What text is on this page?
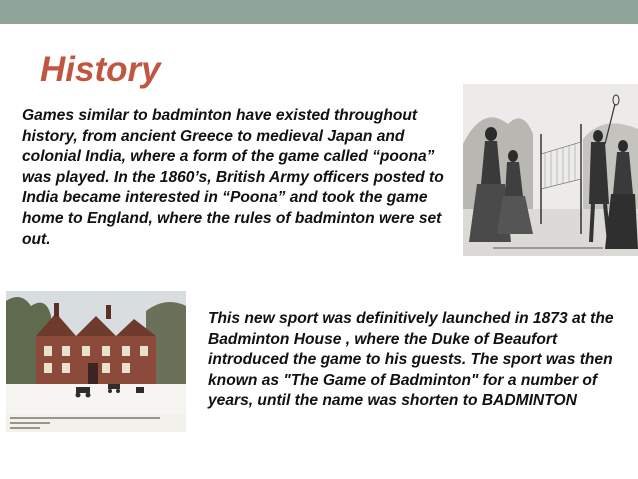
History

Games similar to badminton have existed throughout history, from ancient Greece to medieval Japan and colonial India, where a form of the game called “poona” was played. In the 1860’s, British Army officers posted to India became interested in “Poona” and took the game home to England, where the rules of badminton were set out.

This new sport was definitively launched in 1873 at the Badminton House , where the Duke of Beaufort introduced the game to his guests. The sport was then known as "The Game of Badminton" for a number of years, until the name was shorten to BADMINTON
